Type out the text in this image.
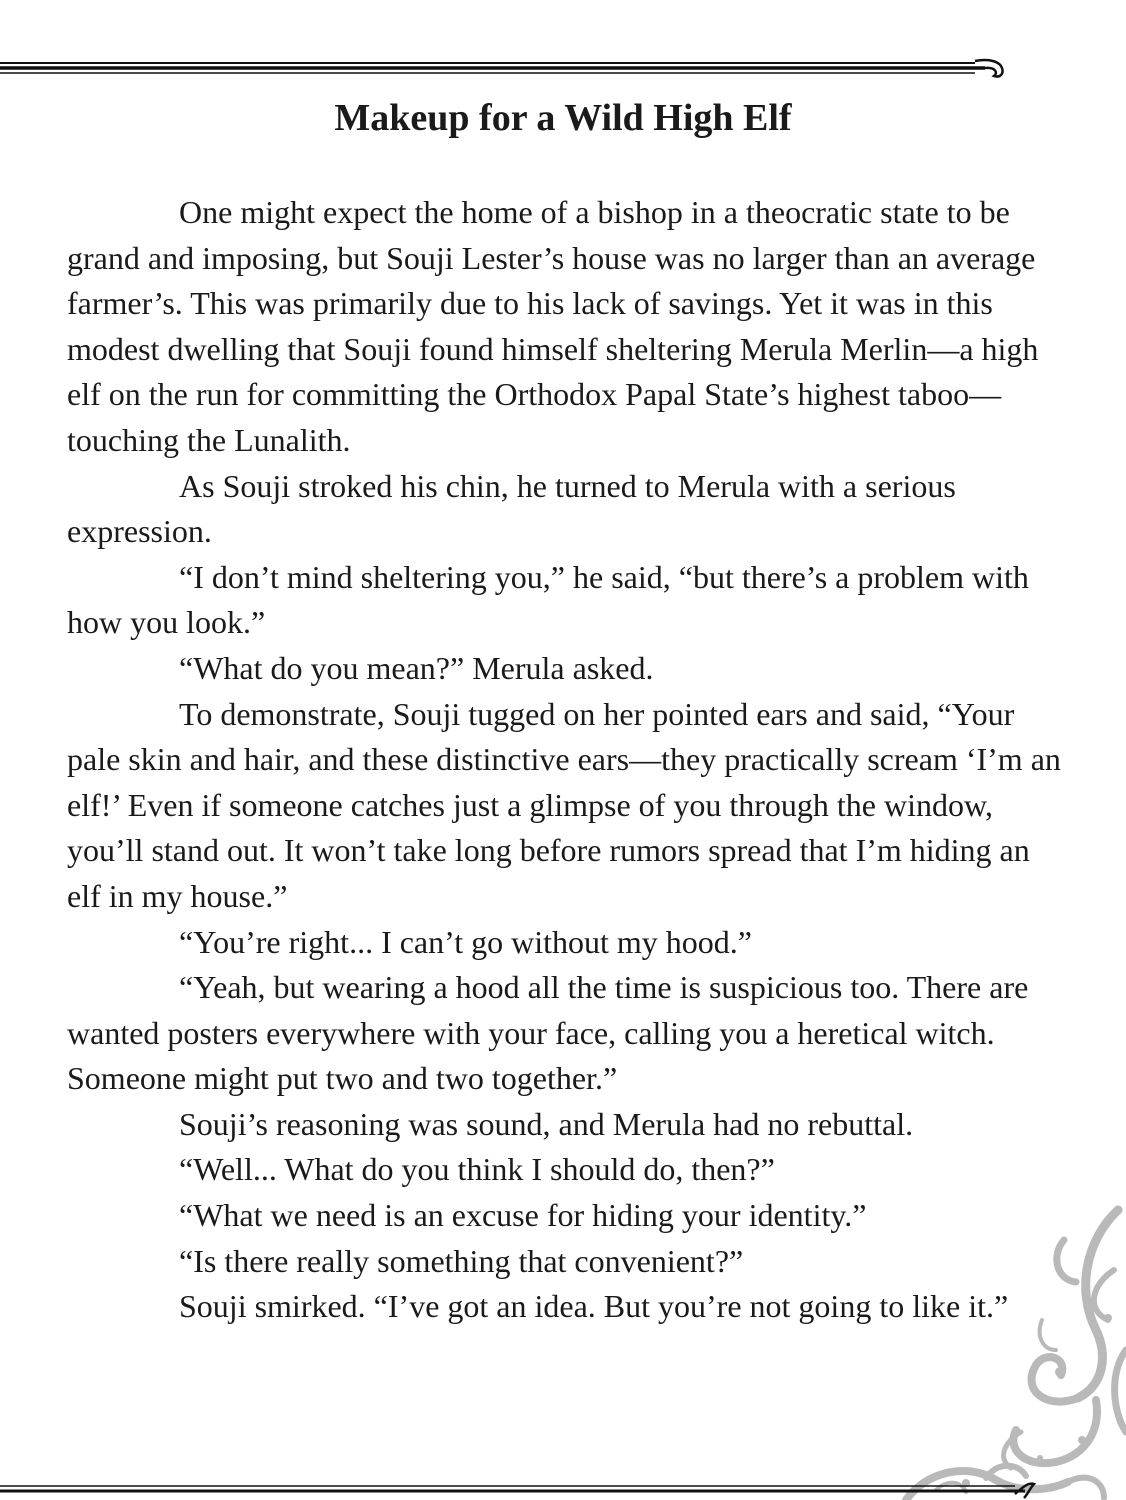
Makeup for a Wild High Elf

One might expect the home of a bishop in a theocratic state to be grand and imposing, but Souji Lester’s house was no larger than an average farmer’s. This was primarily due to his lack of savings. Yet it was in this modest dwelling that Souji found himself sheltering Merula Merlin—a high elf on the run for committing the Orthodox Papal State’s highest taboo—touching the Lunalith.

As Souji stroked his chin, he turned to Merula with a serious expression.

“I don’t mind sheltering you,” he said, “but there’s a problem with how you look.”

“What do you mean?” Merula asked.

To demonstrate, Souji tugged on her pointed ears and said, “Your pale skin and hair, and these distinctive ears—they practically scream ‘I’m an elf!’ Even if someone catches just a glimpse of you through the window, you’ll stand out. It won’t take long before rumors spread that I’m hiding an elf in my house.”

“You’re right... I can’t go without my hood.”

“Yeah, but wearing a hood all the time is suspicious too. There are wanted posters everywhere with your face, calling you a heretical witch. Someone might put two and two together.”

Souji’s reasoning was sound, and Merula had no rebuttal.

“Well... What do you think I should do, then?”

“What we need is an excuse for hiding your identity.”

“Is there really something that convenient?”

Souji smirked. “I’ve got an idea. But you’re not going to like it.”
